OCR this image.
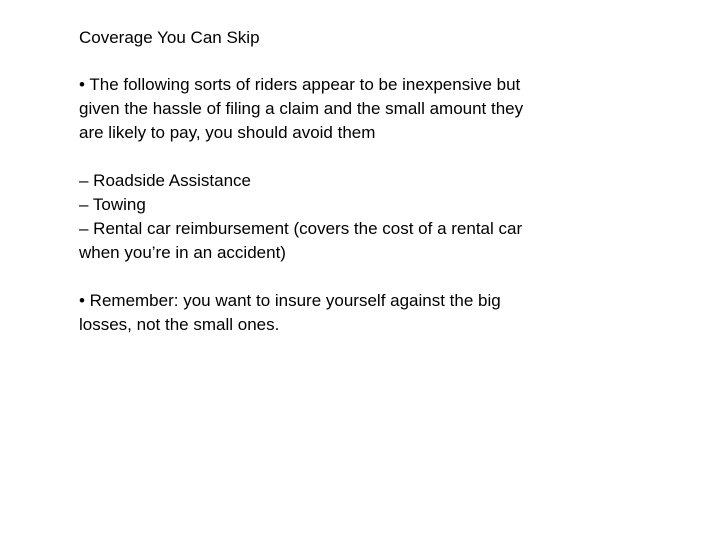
Coverage You Can Skip

• The following sorts of riders appear to be inexpensive but given the hassle of filing a claim and the small amount they are likely to pay, you should avoid them

– Roadside Assistance
– Towing
– Rental car reimbursement (covers the cost of a rental car when you’re in an accident)

• Remember: you want to insure yourself against the big losses, not the small ones.
